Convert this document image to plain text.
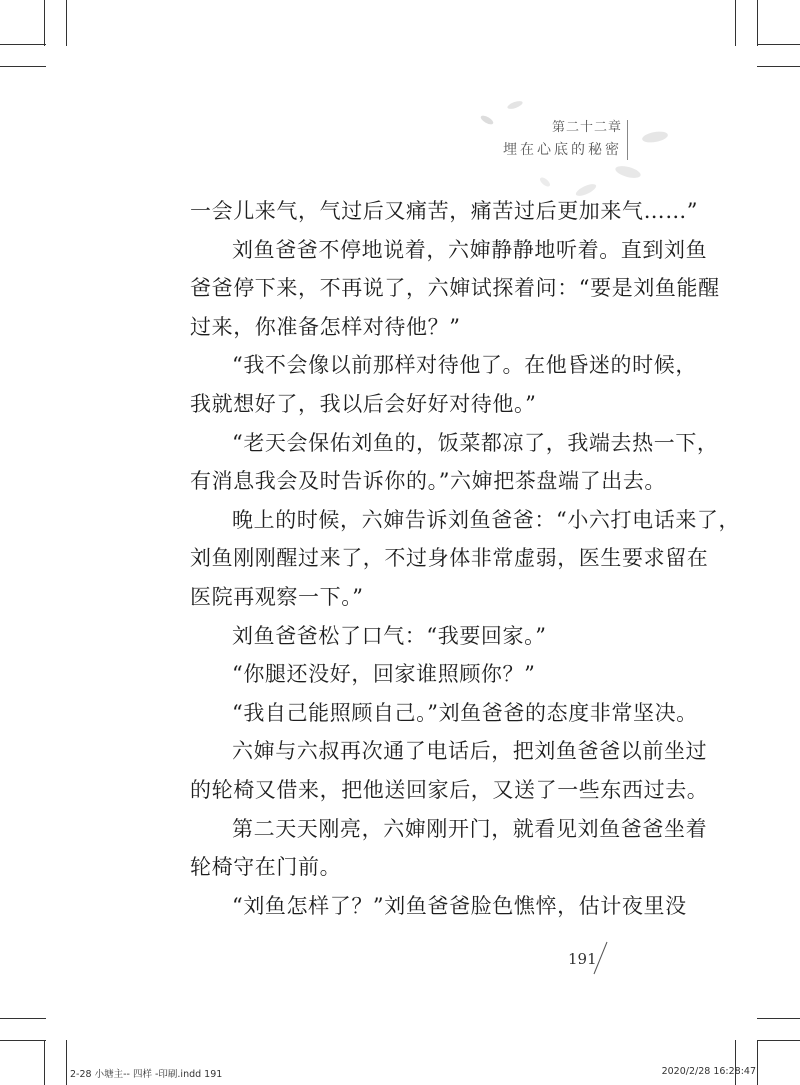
第二十二章
埋在心底的秘密

一会儿来气，气过后又痛苦，痛苦过后更加来气……”

刘鱼爸爸不停地说着，六婶静静地听着。直到刘鱼

爸爸停下来，不再说了，六婶试探着问：“要是刘鱼能醒

过来，你准备怎样对待他？”

“我不会像以前那样对待他了。在他昏迷的时候，

我就想好了，我以后会好好对待他。”

“老天会保佑刘鱼的，饭菜都凉了，我端去热一下，

有消息我会及时告诉你的。”六婶把茶盘端了出去。

晚上的时候，六婶告诉刘鱼爸爸：“小六打电话来了，

刘鱼刚刚醒过来了，不过身体非常虚弱，医生要求留在

医院再观察一下。”

刘鱼爸爸松了口气：“我要回家。”

“你腿还没好，回家谁照顾你？”

“我自己能照顾自己。”刘鱼爸爸的态度非常坚决。

六婶与六叔再次通了电话后，把刘鱼爸爸以前坐过

的轮椅又借来，把他送回家后，又送了一些东西过去。

第二天天刚亮，六婶刚开门，就看见刘鱼爸爸坐着

轮椅守在门前。

“刘鱼怎样了？”刘鱼爸爸脸色憔悴，估计夜里没

191
2-28 小塘主-- 四样 -印刷.indd 191	2020/2/28 16:28:47
